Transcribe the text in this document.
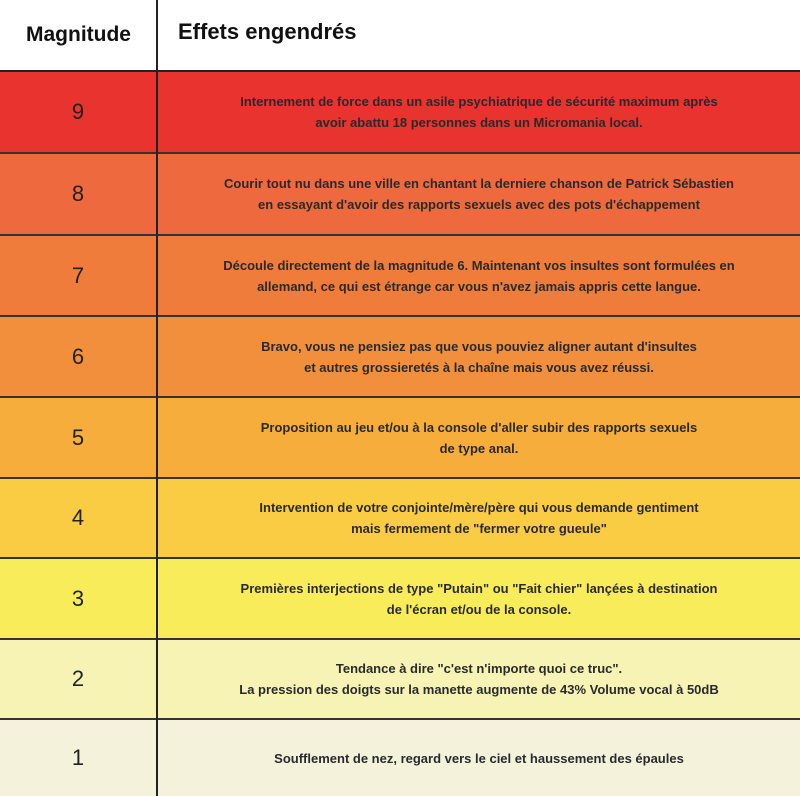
Magnitude	Effets engendrés
9	Internement de force dans un asile psychiatrique de sécurité maximum après
avoir abattu 18 personnes dans un Micromania local.
8	Courir tout nu dans une ville en chantant la derniere chanson de Patrick Sébastien
en essayant d'avoir des rapports sexuels avec des pots d'échappement
7	Découle directement de la magnitude 6. Maintenant vos insultes sont formulées en
allemand, ce qui est étrange car vous n'avez jamais appris cette langue.
6	Bravo, vous ne pensiez pas que vous pouviez aligner autant d'insultes
et autres grossieretés à la chaîne mais vous avez réussi.
5	Proposition au jeu et/ou à la console d'aller subir des rapports sexuels
de type anal.
4	Intervention de votre conjointe/mère/père qui vous demande gentiment
mais fermement de "fermer votre gueule"
3	Premières interjections de type "Putain" ou "Fait chier" lançées à destination
de l'écran et/ou de la console.
2	Tendance à dire "c'est n'importe quoi ce truc".
La pression des doigts sur la manette augmente de 43% Volume vocal à 50dB
1	Soufflement de nez, regard vers le ciel et haussement des épaules
